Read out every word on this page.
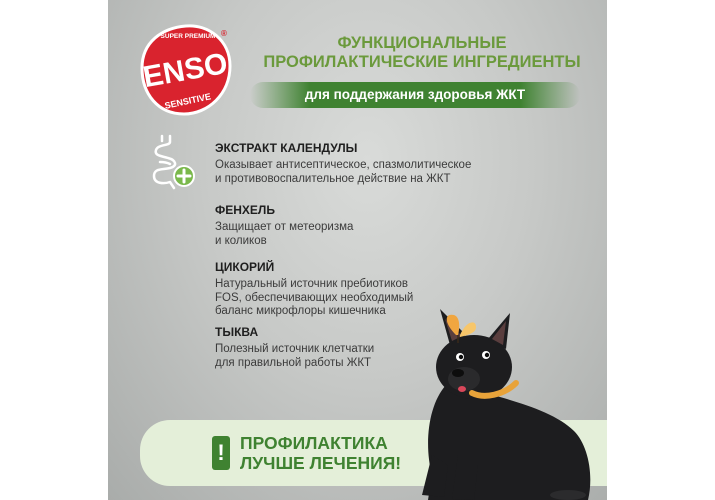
SUPER PREMIUM
ENSO
SENSITIVE
®
ФУНКЦИОНАЛЬНЫЕ
ПРОФИЛАКТИЧЕСКИЕ ИНГРЕДИЕНТЫ
для поддержания здоровья ЖКТ
ЭКСТРАКТ КАЛЕНДУЛЫ
Оказывает антисептическое, спазмолитическое
и противовоспалительное действие на ЖКТ
ФЕНХЕЛЬ
Защищает от метеоризма
и коликов
ЦИКОРИЙ
Натуральный источник пребиотиков
FOS, обеспечивающих необходимый
баланс микрофлоры кишечника
ТЫКВА
Полезный источник клетчатки
для правильной работы ЖКТ
! ПРОФИЛАКТИКА
ЛУЧШЕ ЛЕЧЕНИЯ!
